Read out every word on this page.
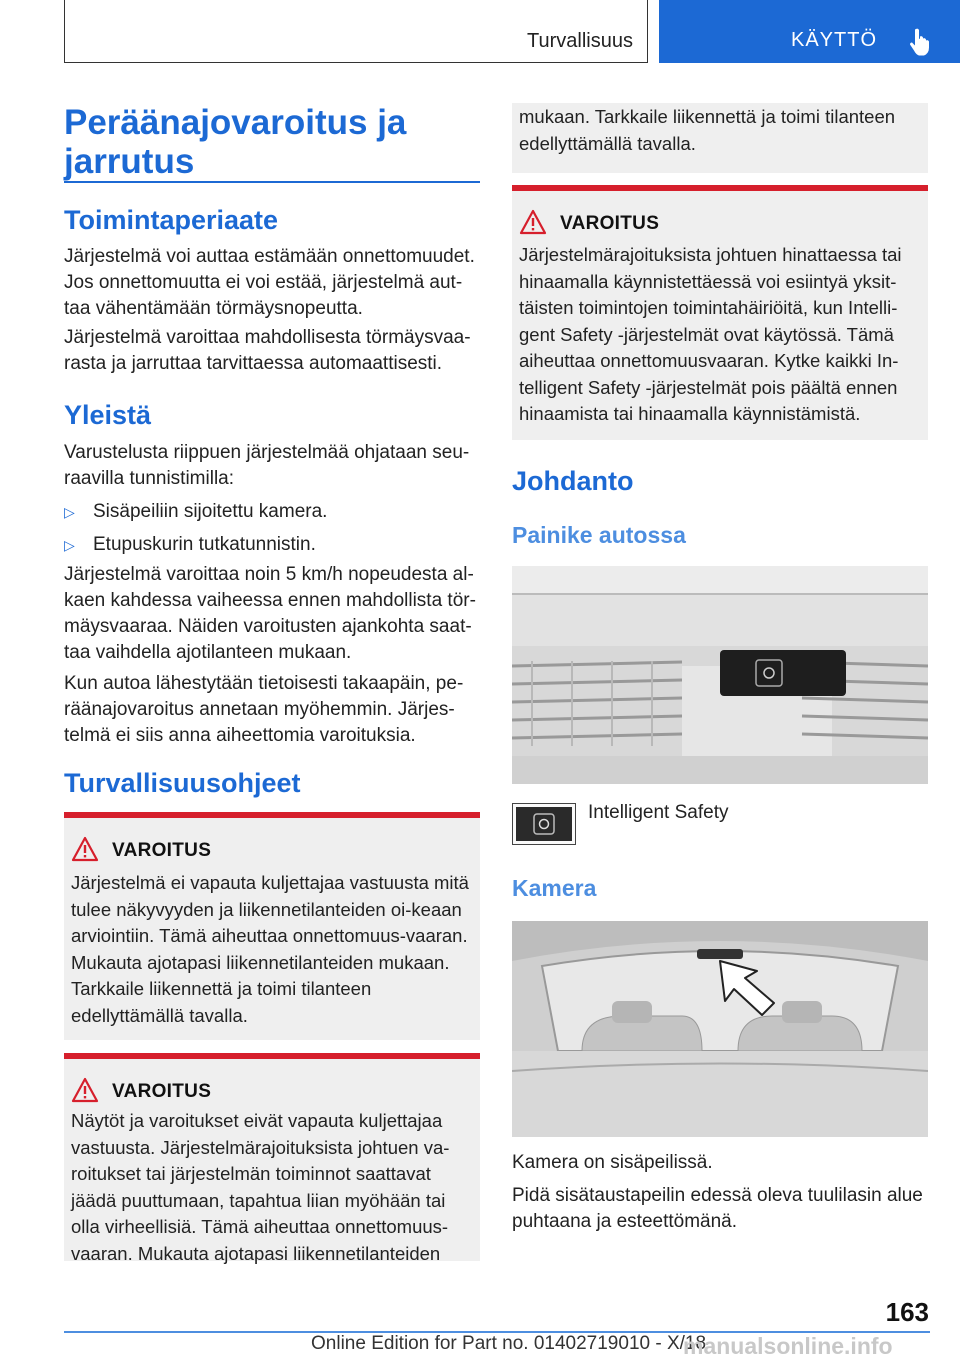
Turvallisuus	KÄYTTÖ
Peräänajovaroitus ja jarrutus
Toimintaperiaate
Järjestelmä voi auttaa estämään onnettomuudet. Jos onnettomuutta ei voi estää, järjestelmä aut-taa vähentämään törmäysnopeutta.
Järjestelmä varoittaa mahdollisesta törmäysvaa-rasta ja jarruttaa tarvittaessa automaattisesti.
Yleistä
Varustelusta riippuen järjestelmää ohjataan seu-raavilla tunnistimilla:
▷ Sisäpeiliin sijoitettu kamera.
▷ Etupuskurin tutkatunnistin.
Järjestelmä varoittaa noin 5 km/h nopeudesta al-kaen kahdessa vaiheessa ennen mahdollista tör-mäysvaaraa. Näiden varoitusten ajankohta saat-taa vaihdella ajotilanteen mukaan.
Kun autoa lähestytään tietoisesti takaapäin, pe-räänajovaroitus annetaan myöhemmin. Järjes-telmä ei siis anna aiheettomia varoituksia.
Turvallisuusohjeet
VAROITUS
Järjestelmä ei vapauta kuljettajaa vastuusta mitä tulee näkyvyyden ja liikennetilanteiden oi-keaan arviointiin. Tämä aiheuttaa onnettomuus-vaaran. Mukauta ajotapasi liikennetilanteiden mukaan. Tarkkaile liikennettä ja toimi tilanteen edellyttämällä tavalla.
VAROITUS
Näytöt ja varoitukset eivät vapauta kuljettajaa vastuusta. Järjestelmärajoituksista johtuen va-roitukset tai järjestelmän toiminnot saattavat jäädä puuttumaan, tapahtua liian myöhään tai olla virheellisiä. Tämä aiheuttaa onnettomuus-vaaran. Mukauta ajotapasi liikennetilanteiden
mukaan. Tarkkaile liikennettä ja toimi tilanteen edellyttämällä tavalla.
VAROITUS
Järjestelmärajoituksista johtuen hinattaessa tai hinaamalla käynnistettäessä voi esiintyä yksit-täisten toimintojen toimintahäiriöitä, kun Intelli-gent Safety -järjestelmät ovat käytössä. Tämä aiheuttaa onnettomuusvaaran. Kytke kaikki In-telligent Safety -järjestelmät pois päältä ennen hinaamista tai hinaamalla käynnistämistä.
Johdanto
Painike autossa
Intelligent Safety
Kamera
Kamera on sisäpeilissä.
Pidä sisätaustapeilin edessä oleva tuulilasin alue puhtaana ja esteettömänä.
163
Online Edition for Part no. 01402719010 - X/18
manualsonline.info
